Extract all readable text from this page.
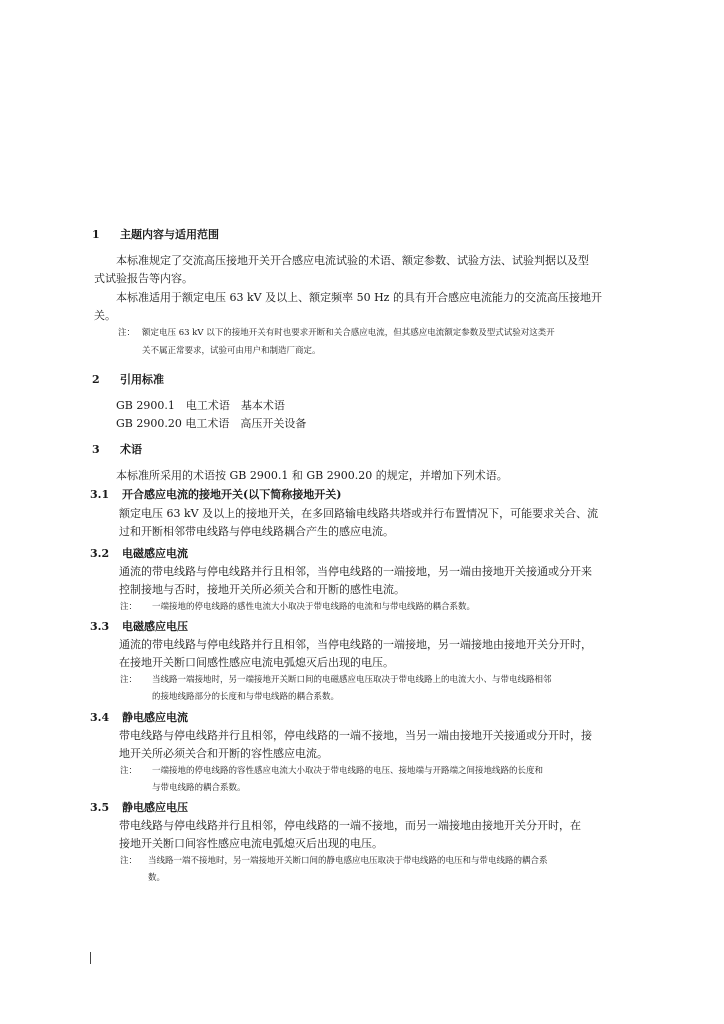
1 主题内容与适用范围
本标准规定了交流高压接地开关开合感应电流试验的术语、额定参数、试验方法、试验判据以及型
式试验报告等内容。
本标准适用于额定电压 63 kV 及以上、额定频率 50 Hz 的具有开合感应电流能力的交流高压接地开
关。
注： 额定电压 63 kV 以下的接地开关有时也要求开断和关合感应电流，但其感应电流额定参数及型式试验对这类开
关不属正常要求，试验可由用户和制造厂商定。
2 引用标准
GB 2900.1　电工术语　基本术语
GB 2900.20 电工术语　高压开关设备
3 术语
本标准所采用的术语按 GB 2900.1 和 GB 2900.20 的规定，并增加下列术语。
3.1 开合感应电流的接地开关(以下简称接地开关)
额定电压 63 kV 及以上的接地开关，在多回路输电线路共塔或并行布置情况下，可能要求关合、流
过和开断相邻带电线路与停电线路耦合产生的感应电流。
3.2 电磁感应电流
通流的带电线路与停电线路并行且相邻，当停电线路的一端接地，另一端由接地开关接通或分开来
控制接地与否时，接地开关所必须关合和开断的感性电流。
注： 一端接地的停电线路的感性电流大小取决于带电线路的电流和与带电线路的耦合系数。
3.3 电磁感应电压
通流的带电线路与停电线路并行且相邻，当停电线路的一端接地，另一端接地由接地开关分开时，
在接地开关断口间感性感应电流电弧熄灭后出现的电压。
注： 当线路一端接地时，另一端接地开关断口间的电磁感应电压取决于带电线路上的电流大小、与带电线路相邻
的接地线路部分的长度和与带电线路的耦合系数。
3.4 静电感应电流
带电线路与停电线路并行且相邻，停电线路的一端不接地，当另一端由接地开关接通或分开时，接
地开关所必须关合和开断的容性感应电流。
注： 一端接地的停电线路的容性感应电流大小取决于带电线路的电压、接地端与开路端之间接地线路的长度和
与带电线路的耦合系数。
3.5 静电感应电压
带电线路与停电线路并行且相邻，停电线路的一端不接地，而另一端接地由接地开关分开时，在
接地开关断口间容性感应电流电弧熄灭后出现的电压。
注： 当线路一端不接地时，另一端接地开关断口间的静电感应电压取决于带电线路的电压和与带电线路的耦合系
数。
